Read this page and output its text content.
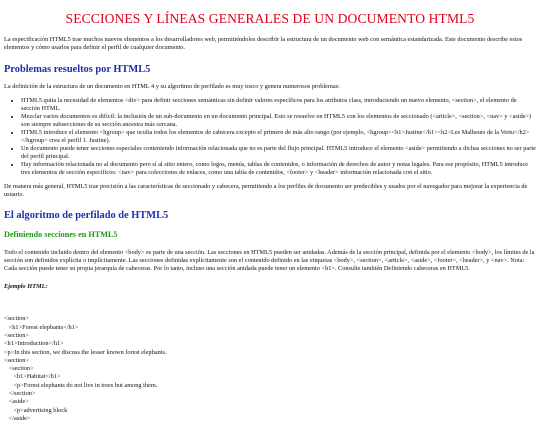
SECCIONES Y LÍNEAS GENERALES DE UN DOCUMENTO HTML5

La especificación HTML5 trae muchos nuevos elementos a los desarrolladores web, permitiéndoles describir la estructura de un documento web con semántica estandarizada. Este documento describe estos elementos y cómo usarlos para definir el perfil de cualquier documento.

Problemas resueltos por HTML5

La definición de la estructura de un documento en HTML 4 y su algoritmo de perfilado es muy tosco y genera numerosos problemas:

• HTML5 quita la necesidad de elementos <div> para definir secciones semánticas sin definir valores específicos para los atributos class, introduciendo un nuevo elemento, <section>, el elemento de sección HTML.
• Mezclar varios documentos es difícil: la inclusión de un sub-documento en un documento principal. Esto se resuelve en HTML5 con los elementos de seccionado (<article>, <section>, <nav> y <aside>) son siempre subsecciones de su sección ancestra más cercana.
• HTML5 introduce el elemento <hgroup> que oculta todos los elementos de cabecera excepto el primero de más alto rango (por ejemplo, <hgroup><h1>Justine</h1><h2>Les Malheurs de la Vertu</h2></hgroup> crea el perfil 1. Justine).
• Un documento puede tener secciones especiales conteniendo información relacionada que no es parte del flujo principal. HTML5 introduce el elemento <aside> permitiendo a dichas secciones no ser parte del perfil principal.
• Hay información relacionada no al documento pero sí al sitio entero, como logos, menús, tablas de contenidos, o información de derechos de autor y notas legales. Para ese propósito, HTML5 introduce tres elementos de sección específicos: <nav> para colecciones de enlaces, como una tabla de contenidos, <footer> y <header> información relacionada con el sitio.

De manera más general, HTML5 trae precisión a las características de seccionado y cabecera, permitiendo a los perfiles de documento ser predecibles y usados por el navegador para mejorar la experiencia de usuario.

El algoritmo de perfilado de HTML5
Definiendo secciones en HTML5

Todo el contenido incluido dentro del elemento <body> es parte de una sección. Las secciones en HTML5 pueden ser anidadas. Además de la sección principal, definida por el elemento <body>, los límites de la sección son definidos explícita o implícitamente. Las secciones definidas explícitamente son el contenido definido en las etiquetas <body>, <section>, <article>, <aside>, <footer>, <header>, y <nav>. Nota: Cada sección puede tener su propia jerarquía de cabeceras. Por lo tanto, incluso una sección anidada puede tener un elemento <h1>. Consulte también Definiendo cabeceras en HTML5.

Ejemplo HTML:
<section>
<h1>Forest elephants</h1>
<section>
<h1>Introduction</h1>
<p>In this section, we discuss the lesser known forest elephants.
<section>
<section>
<h1>Habitat</h1>
<p>Forest elephants do not live in trees but among them.
</section>
<aside>
<p>advertising block
</aside>
